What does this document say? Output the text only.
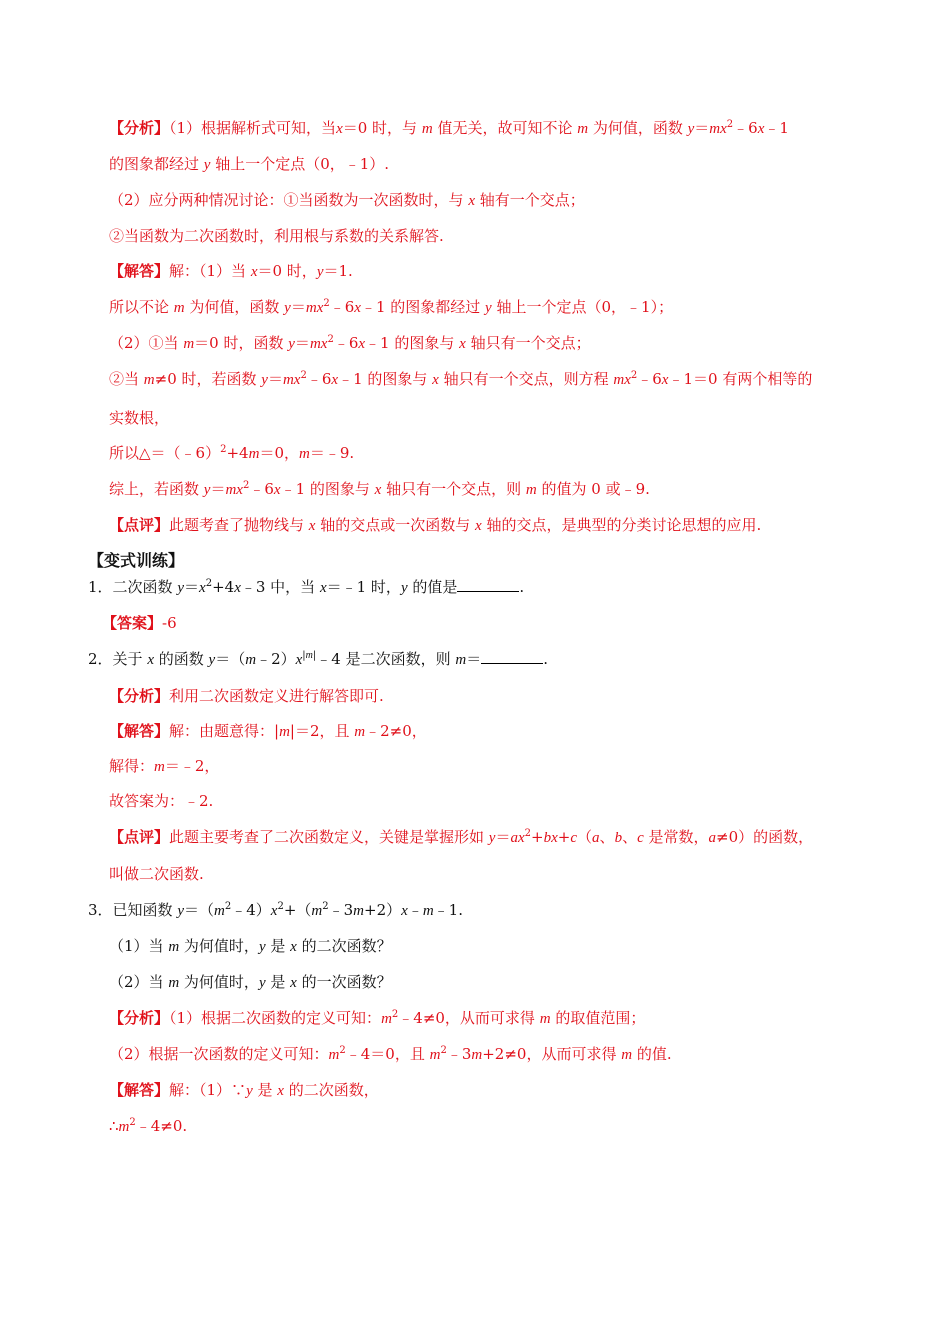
【分析】（1）根据解析式可知，当x＝0 时，与 m 值无关，故可知不论 m 为何值，函数 $y=mx^2﹣6x﹣1$
的图象都经过 y 轴上一个定点（0，﹣1）.
（2）应分两种情况讨论：①当函数为一次函数时，与 x 轴有一个交点；
②当函数为二次函数时，利用根与系数的关系解答.
【解答】解：（1）当 x＝0 时，y＝1.
所以不论 m 为何值，函数 $y=mx^2﹣6x﹣1$ 的图象都经过 y 轴上一个定点（0，﹣1）；
（2）①当 m＝0 时，函数 $y=mx^2﹣6x﹣1$ 的图象与 x 轴只有一个交点；
②当 m≠0 时，若函数 $y=mx^2﹣6x﹣1$ 的图象与 x 轴只有一个交点，则方程 $mx^2﹣6x﹣1=0$ 有两个相等的
实数根，
所以△＝（﹣6）$^2$+4m＝0，m＝﹣9.
综上，若函数 $y=mx^2﹣6x﹣1$ 的图象与 x 轴只有一个交点，则 m 的值为 0 或﹣9.
【点评】此题考查了抛物线与 x 轴的交点或一次函数与 x 轴的交点，是典型的分类讨论思想的应用.
【变式训练】
1．二次函数 $y=x^2+4x﹣3$ 中，当 x＝﹣1 时，y 的值是	.
【答案】-6
2．关于 x 的函数 $y=(m﹣2)x^{|m|}﹣4$ 是二次函数，则 m＝	.
【分析】利用二次函数定义进行解答即可.
【解答】解：由题意得：|m|＝2，且 m﹣2≠0，
解得：m＝﹣2，
故答案为：﹣2.
【点评】此题主要考查了二次函数定义，关键是掌握形如 $y=ax^2+bx+c(a$、b、c 是常数，a≠0）的函数，
叫做二次函数.
3．已知函数 $y=(m^2﹣4)x^2+(m^2﹣3m+2)x﹣m﹣1$.
（1）当 m 为何值时，y 是 x 的二次函数？
（2）当 m 为何值时，y 是 x 的一次函数？
【分析】（1）根据二次函数的定义可知：$m^2﹣4\ne 0$，从而可求得 m 的取值范围；
（2）根据一次函数的定义可知：$m^2﹣4=0$，且 $m^2﹣3m+2\ne 0$，从而可求得 m 的值.
【解答】解：（1）∵y 是 x 的二次函数，
$\therefore m^2﹣4\ne 0$.
